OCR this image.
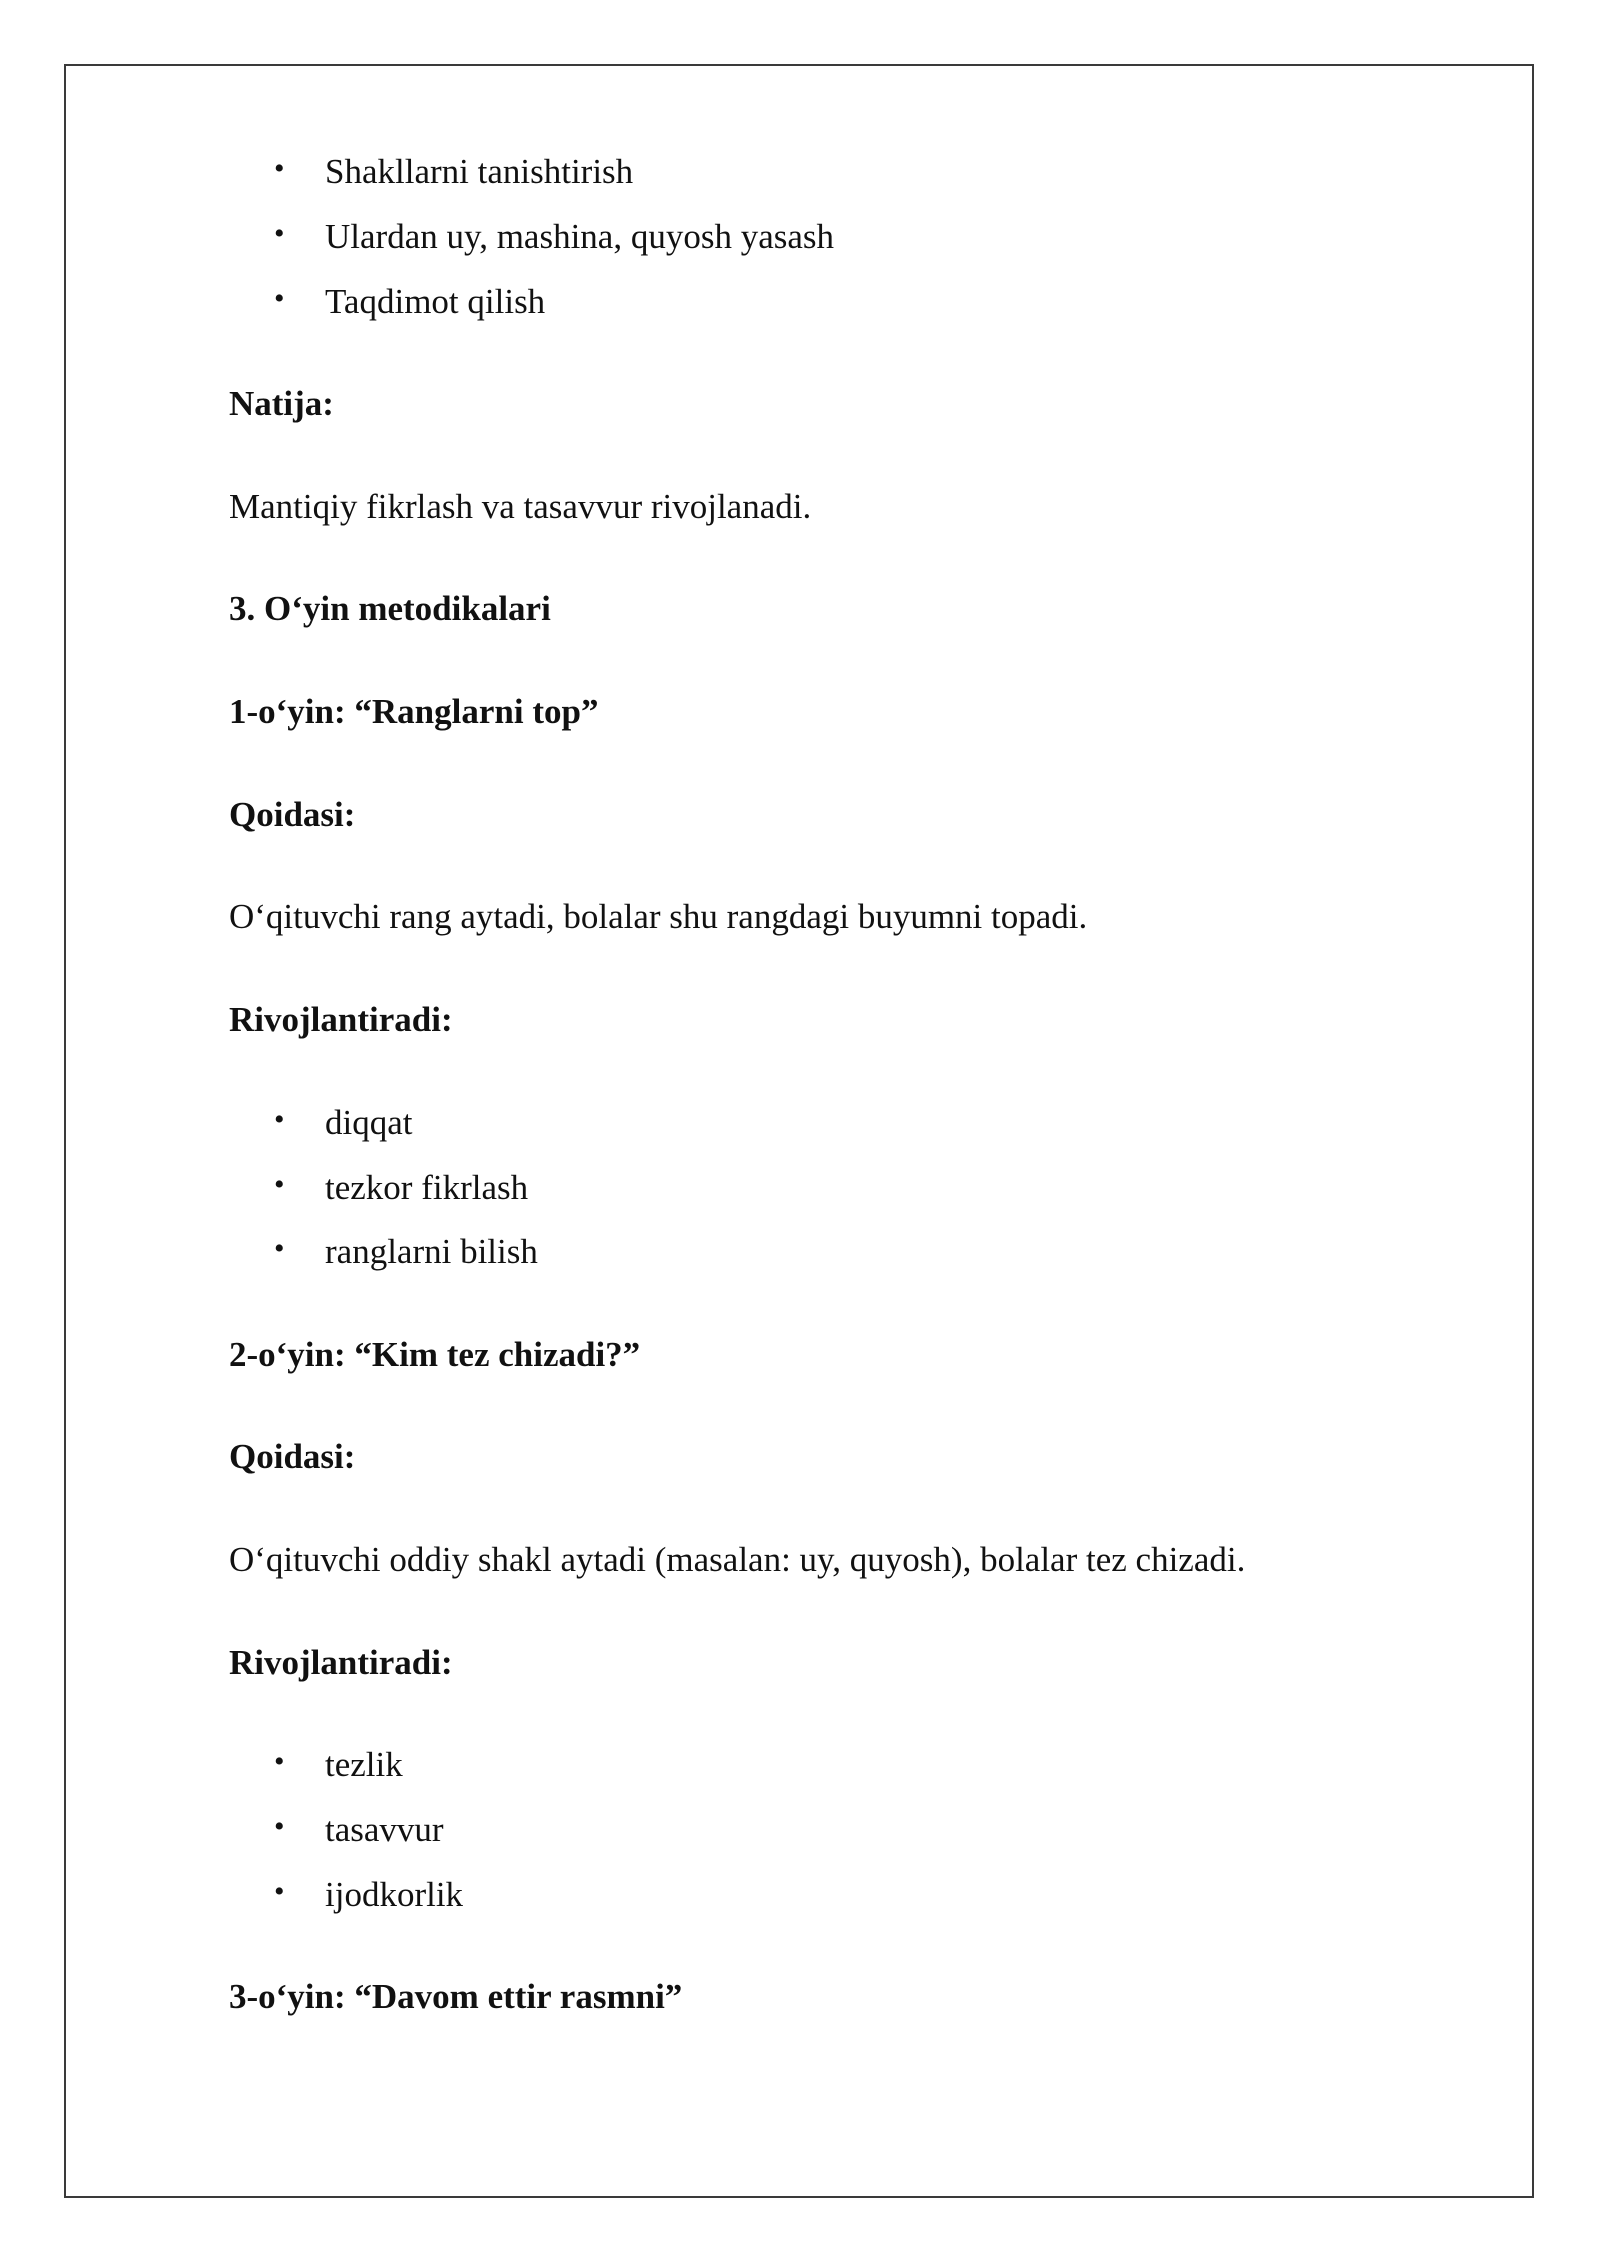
• Shakllarni tanishtirish
• Ulardan uy, mashina, quyosh yasash
• Taqdimot qilish
Natija:
Mantiqiy fikrlash va tasavvur rivojlanadi.
3. O‘yin metodikalari
1-o‘yin: “Ranglarni top”
Qoidasi:
O‘qituvchi rang aytadi, bolalar shu rangdagi buyumni topadi.
Rivojlantiradi:
• diqqat
• tezkor fikrlash
• ranglarni bilish
2-o‘yin: “Kim tez chizadi?”
Qoidasi:
O‘qituvchi oddiy shakl aytadi (masalan: uy, quyosh), bolalar tez chizadi.
Rivojlantiradi:
• tezlik
• tasavvur
• ijodkorlik
3-o‘yin: “Davom ettir rasmni”
